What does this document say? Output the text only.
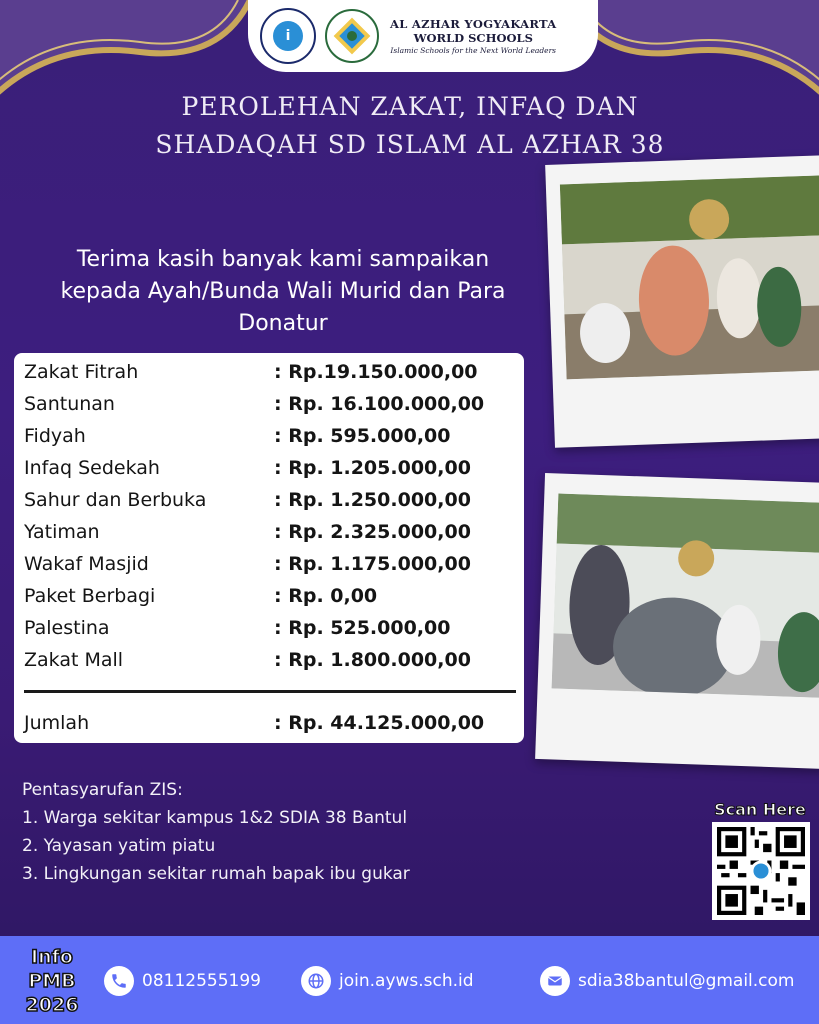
i
AL AZHAR YOGYAKARTA
WORLD SCHOOLS
Islamic Schools for the Next World Leaders
PEROLEHAN ZAKAT, INFAQ DAN
SHADAQAH SD ISLAM AL AZHAR 38
Terima kasih banyak kami sampaikan
kepada Ayah/Bunda Wali Murid dan Para
Donatur
Zakat Fitrah	: Rp.19.150.000,00
Santunan	: Rp. 16.100.000,00
Fidyah	: Rp. 595.000,00
Infaq Sedekah	: Rp. 1.205.000,00
Sahur dan Berbuka	: Rp. 1.250.000,00
Yatiman	: Rp. 2.325.000,00
Wakaf Masjid	: Rp. 1.175.000,00
Paket Berbagi	: Rp. 0,00
Palestina	: Rp. 525.000,00
Zakat Mall	: Rp. 1.800.000,00
Jumlah	: Rp. 44.125.000,00
Pentasyarufan ZIS:
1. Warga sekitar kampus 1&2 SDIA 38 Bantul
2. Yayasan yatim piatu
3. Lingkungan sekitar rumah bapak ibu gukar
Scan Here
Info
PMB
2026
08112555199	join.ayws.sch.id	sdia38bantul@gmail.com
